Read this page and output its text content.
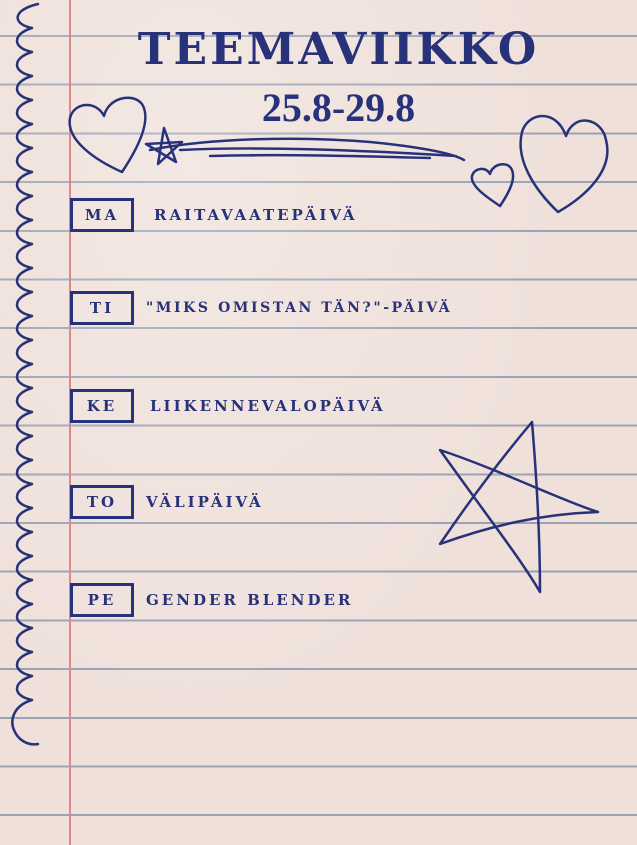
TEEMAVIIKKO
25.8-29.8
MA	RAITAVAATEPÄIVÄ
TI	"MIKS OMISTAN TÄN?"-PÄIVÄ
KE	LIIKENNEVALOPÄIVÄ
TO	VÄLIPÄIVÄ
PE	GENDER BLENDER
